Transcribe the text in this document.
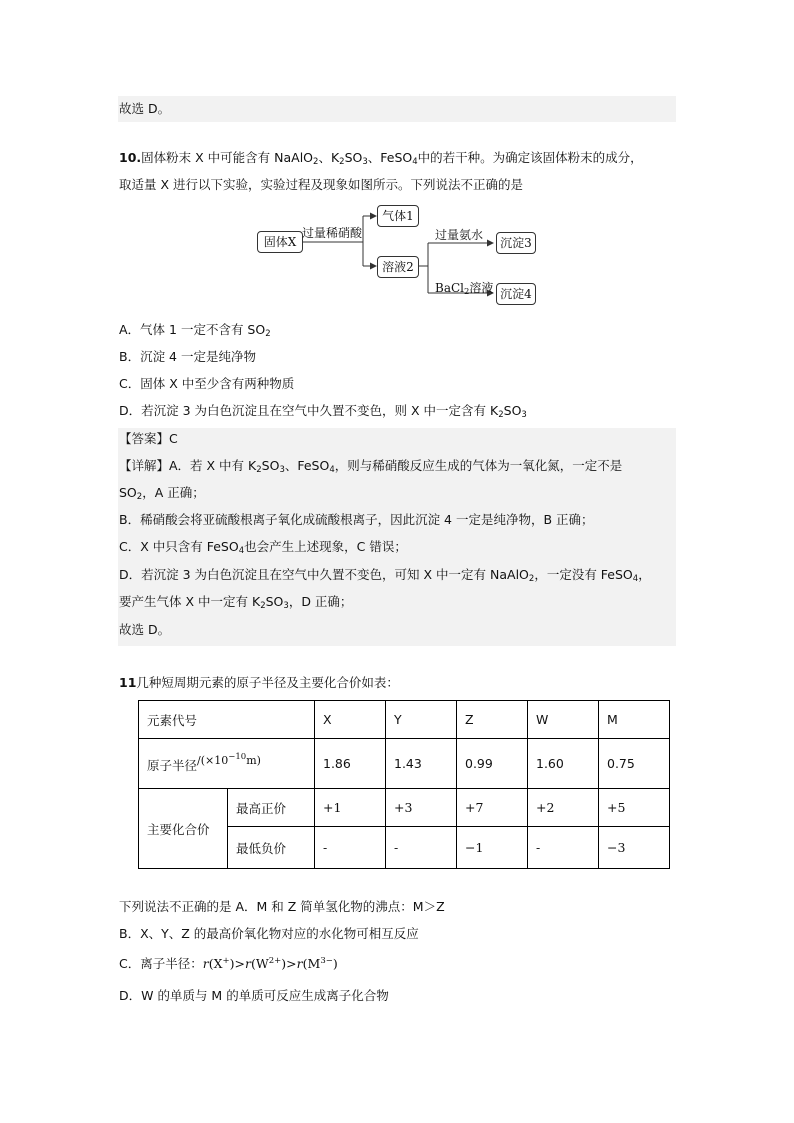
故选 D。
10.固体粉末 X 中可能含有 NaAlO$_2$、$K_2SO_3$、FeSO$_4$中的若干种。为确定该固体粉末的成分，
取适量 X 进行以下实验，实验过程及现象如图所示。下列说法不正确的是
固体X
过量稀硝酸
气体1
溶液2
过量氨水
沉淀3
BaCl$_2$溶液 沉淀4
A．气体 1 一定不含有 $SO_2$
B．沉淀 4 一定是纯净物
C．固体 X 中至少含有两种物质
D．若沉淀 3 为白色沉淀且在空气中久置不变色，则 X 中一定含有 $K_2SO_3$
【答案】C
【详解】A．若 X 中有 $K_2SO_3$、FeSO$_4$，则与稀硝酸反应生成的气体为一氧化氮，一定不是
$SO_2$，A 正确；
B．稀硝酸会将亚硫酸根离子氧化成硫酸根离子，因此沉淀 4 一定是纯净物，B 正确；
C．X 中只含有 FeSO$_4$也会产生上述现象，C 错误；
D．若沉淀 3 为白色沉淀且在空气中久置不变色，可知 X 中一定有 NaAlO$_2$，一定没有 FeSO$_4$，
要产生气体 X 中一定有 $K_2SO_3$，D 正确；
故选 D。
11几种短周期元素的原子半径及主要化合价如表：
元素代号		X	Y	Z	W	M
原子半径$/(\times 10^{-10}m)$		1.86	1.43	0.99	1.60	0.75
主要化合价	最高正价	+1	+3	+7	+2	+5
	最低负价	-	-	−1	-	−3
下列说法不正确的是 A．M 和 Z 简单氢化物的沸点：M＞Z
B．X、Y、Z 的最高价氧化物对应的水化物可相互反应
C．离子半径：$r(X^+)>r(W^{2+})>r(M^{3-})$
D．W 的单质与 M 的单质可反应生成离子化合物
